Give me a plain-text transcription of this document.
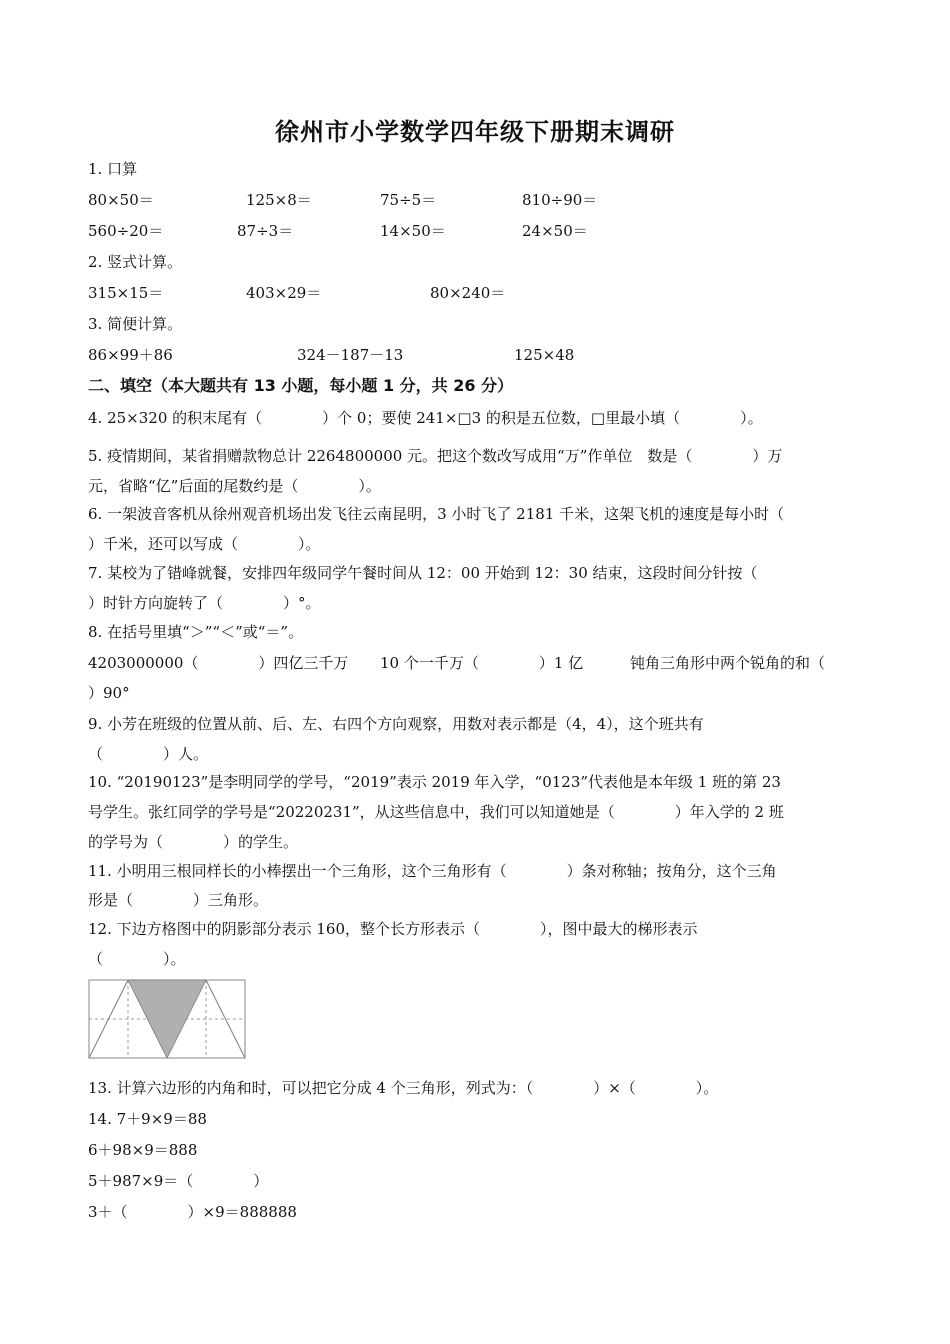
徐州市小学数学四年级下册期末调研
1. 口算
80×50＝	125×8＝	75÷5＝	810÷90＝
560÷20＝	87÷3＝	14×50＝	24×50＝
2. 竖式计算。
315×15＝	403×29＝	80×240＝
3. 简便计算。
86×99＋86	324－187－13	125×48
二、填空（本大题共有 13 小题，每小题 1 分，共 26 分）
4. 25×320 的积末尾有（　　　　）个 0；要使 241×□3 的积是五位数，□里最小填（　　　　）。
5. 疫情期间，某省捐赠款物总计 2264800000 元。把这个数改写成用“万”作单位　数是（　　　　）万
元，省略“亿”后面的尾数约是（　　　　）。
6. 一架波音客机从徐州观音机场出发飞往云南昆明，3 小时飞了 2181 千米，这架飞机的速度是每小时（
）千米，还可以写成（　　　　）。
7. 某校为了错峰就餐，安排四年级同学午餐时间从 12：00 开始到 12：30 结束，这段时间分针按（
）时针方向旋转了（　　　　）°。
8. 在括号里填“＞”“＜”或“＝”。
4203000000（　　　　）四亿三千万 10 个一千万（　　　　）1 亿	钝角三角形中两个锐角的和（
）90°
9. 小芳在班级的位置从前、后、左、右四个方向观察，用数对表示都是（4，4），这个班共有
（　　　　）人。
10. “20190123”是李明同学的学号，“2019”表示 2019 年入学，“0123”代表他是本年级 1 班的第 23
号学生。张红同学的学号是“20220231”，从这些信息中，我们可以知道她是（　　　　）年入学的 2 班
的学号为（　　　　）的学生。
11. 小明用三根同样长的小棒摆出一个三角形，这个三角形有（　　　　）条对称轴；按角分，这个三角
形是（　　　　）三角形。
12. 下边方格图中的阴影部分表示 160，整个长方形表示（　　　　），图中最大的梯形表示
（　　　　）。
13. 计算六边形的内角和时，可以把它分成 4 个三角形，列式为：（　　　　）×（　　　　）。
14. 7＋9×9＝88
6＋98×9＝888
5＋987×9＝（　　　　）
3＋（　　　　）×9＝888888
